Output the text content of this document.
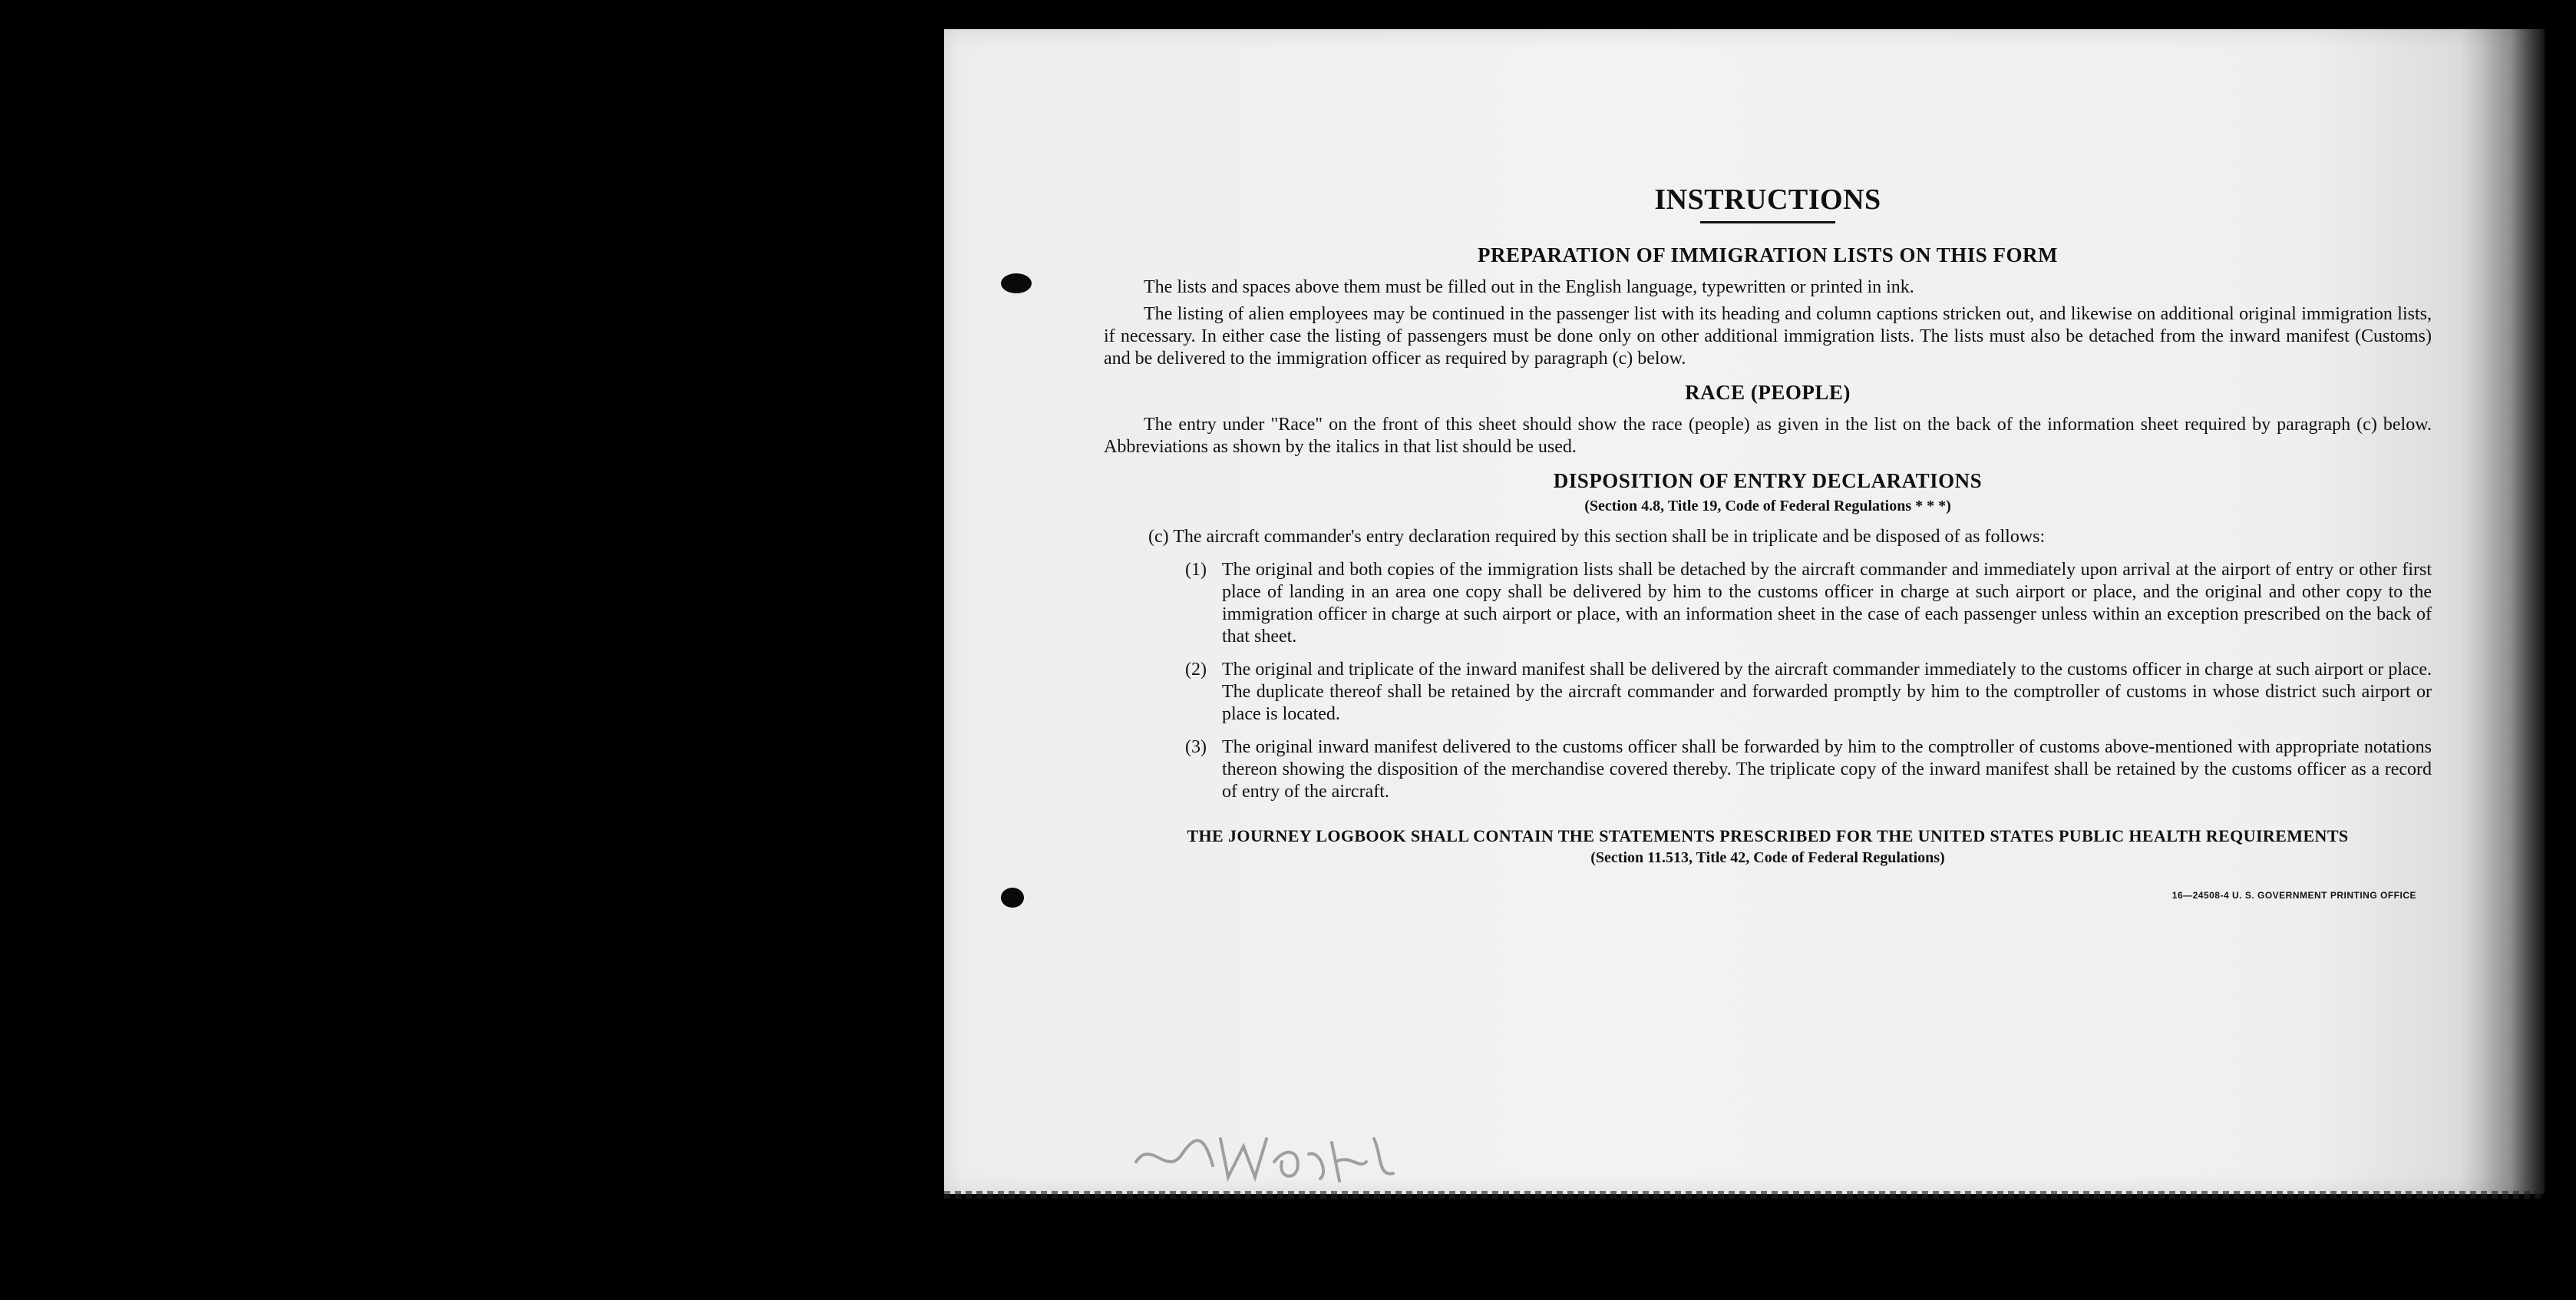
INSTRUCTIONS
PREPARATION OF IMMIGRATION LISTS ON THIS FORM

The lists and spaces above them must be filled out in the English language, typewritten or printed in ink.

The listing of alien employees may be continued in the passenger list with its heading and column captions stricken out, and likewise on additional original immigration lists, if necessary. In either case the listing of passengers must be done only on other additional immigration lists. The lists must also be detached from the inward manifest (Customs) and be delivered to the immigration officer as required by paragraph (c) below.

RACE (PEOPLE)

The entry under "Race" on the front of this sheet should show the race (people) as given in the list on the back of the information sheet required by paragraph (c) below. Abbreviations as shown by the italics in that list should be used.

DISPOSITION OF ENTRY DECLARATIONS
(Section 4.8, Title 19, Code of Federal Regulations * * *)

(c) The aircraft commander's entry declaration required by this section shall be in triplicate and be disposed of as follows:

(1) The original and both copies of the immigration lists shall be detached by the aircraft commander and immediately upon arrival at the airport of entry or other first place of landing in an area one copy shall be delivered by him to the customs officer in charge at such airport or place, and the original and other copy to the immigration officer in charge at such airport or place, with an information sheet in the case of each passenger unless within an exception prescribed on the back of that sheet.
(2) The original and triplicate of the inward manifest shall be delivered by the aircraft commander immediately to the customs officer in charge at such airport or place. The duplicate thereof shall be retained by the aircraft commander and forwarded promptly by him to the comptroller of customs in whose district such airport or place is located.
(3) The original inward manifest delivered to the customs officer shall be forwarded by him to the comptroller of customs above-mentioned with appropriate notations thereon showing the disposition of the merchandise covered thereby. The triplicate copy of the inward manifest shall be retained by the customs officer as a record of entry of the aircraft.
THE JOURNEY LOGBOOK SHALL CONTAIN THE STATEMENTS PRESCRIBED FOR THE UNITED STATES PUBLIC HEALTH REQUIREMENTS
(Section 11.513, Title 42, Code of Federal Regulations)
16—24508-4 U. S. GOVERNMENT PRINTING OFFICE
